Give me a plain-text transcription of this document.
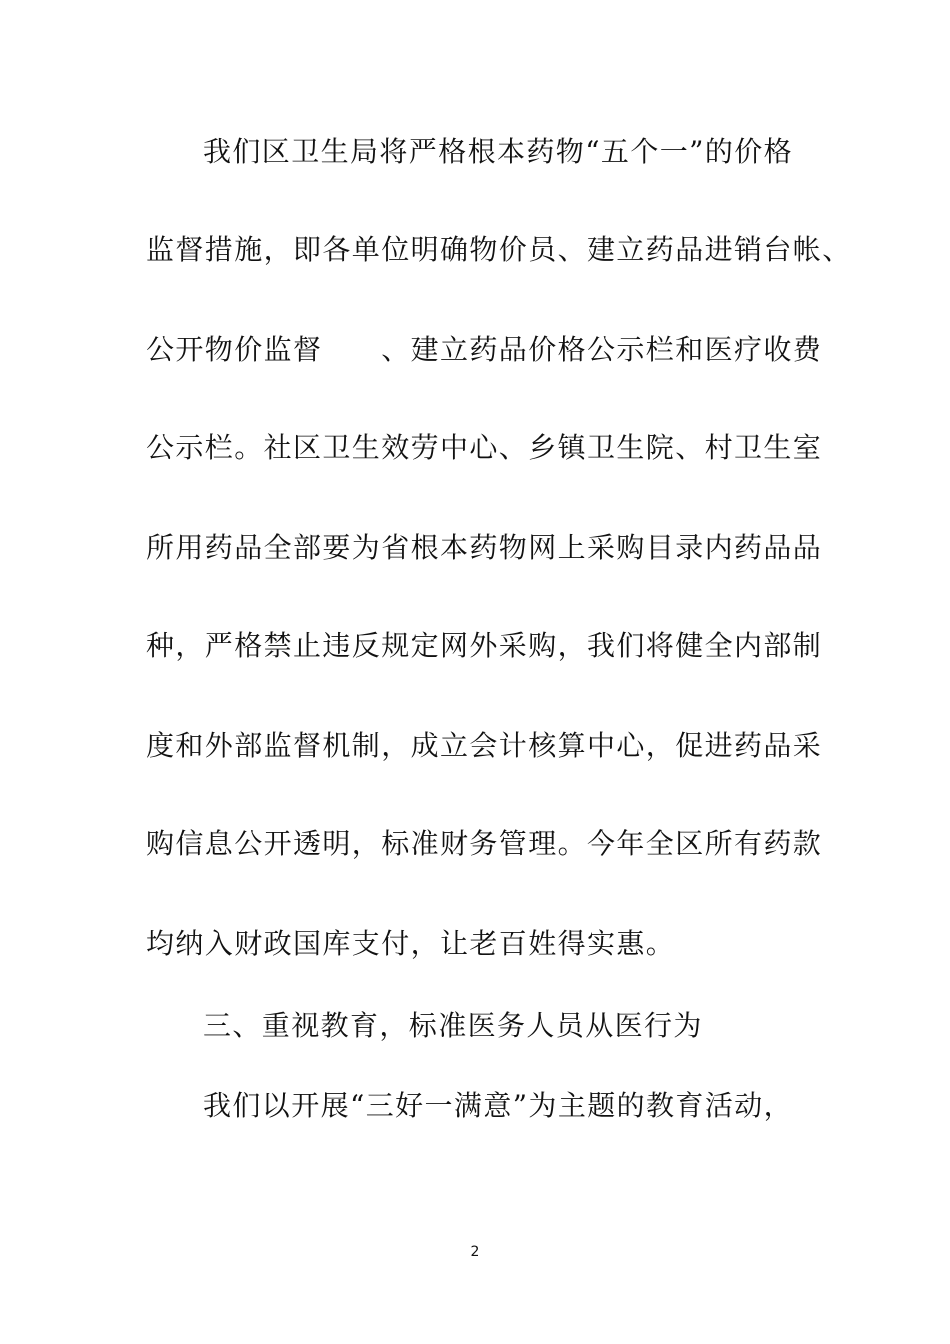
我们区卫生局将严格根本药物“五个一”的价格
监督措施，即各单位明确物价员、建立药品进销台帐、
公开物价监督　　、建立药品价格公示栏和医疗收费
公示栏。社区卫生效劳中心、乡镇卫生院、村卫生室
所用药品全部要为省根本药物网上采购目录内药品品
种，严格禁止违反规定网外采购，我们将健全内部制
度和外部监督机制，成立会计核算中心，促进药品采
购信息公开透明，标准财务管理。今年全区所有药款
均纳入财政国库支付，让老百姓得实惠。
三、重视教育，标准医务人员从医行为
我们以开展“三好一满意”为主题的教育活动，
2
